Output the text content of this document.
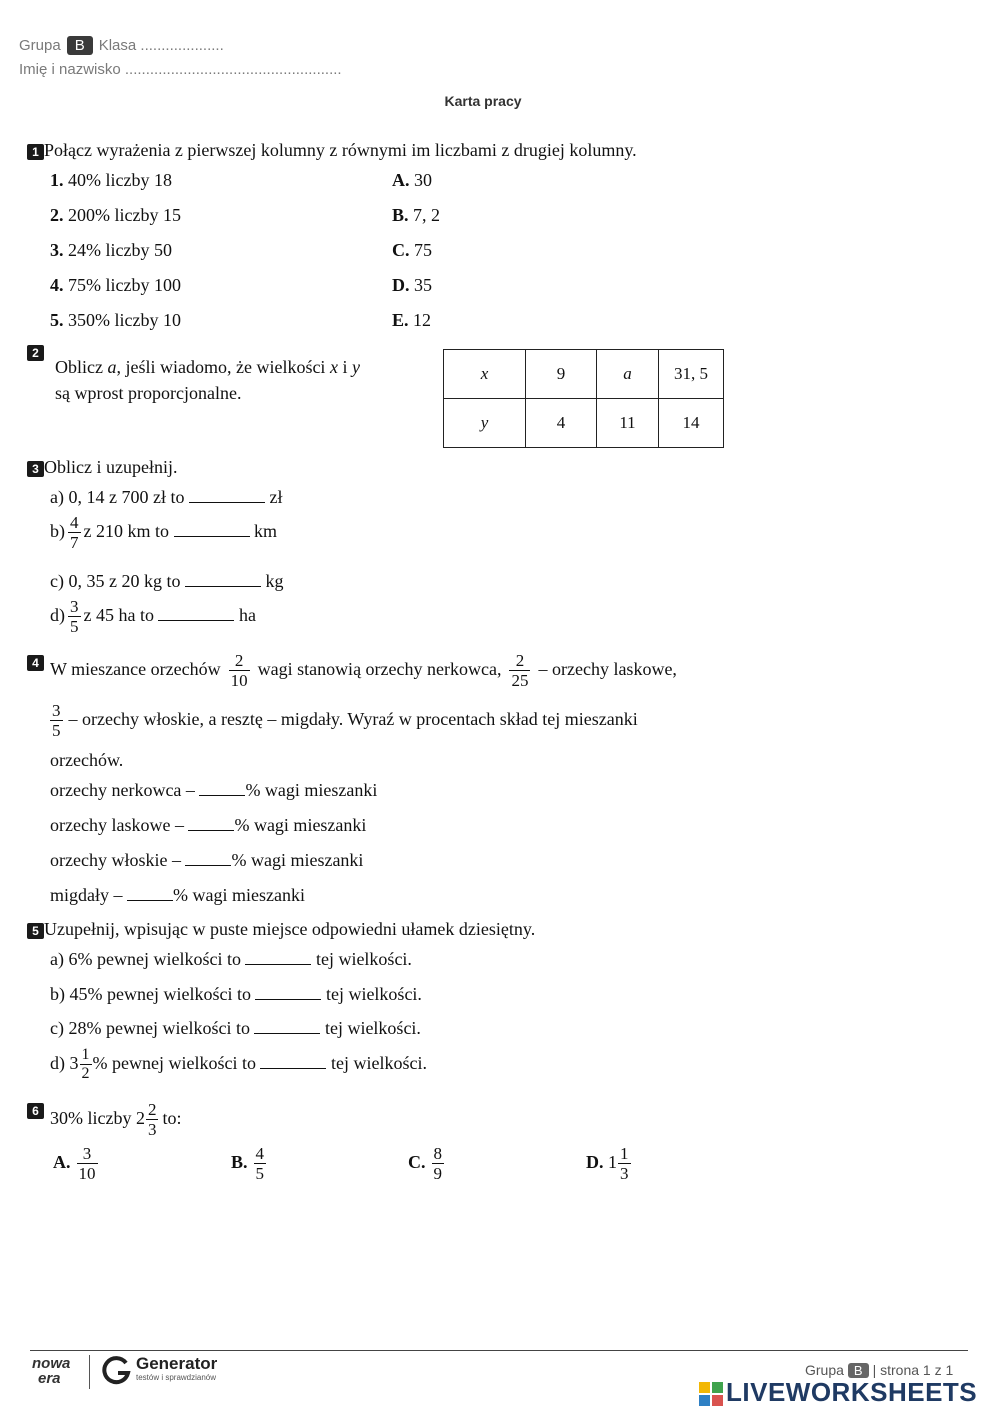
Grupa B Klasa ....................
Imię i nazwisko ....................................................
Karta pracy
1 Połącz wyrażenia z pierwszej kolumny z równymi im liczbami z drugiej kolumny.
1. 40% liczby 18
2. 200% liczby 15
3. 24% liczby 50
4. 75% liczby 100
5. 350% liczby 10
A. 30
B. 7, 2
C. 75
D. 35
E. 12
2
Oblicz a, jeśli wiadomo, że wielkości x i y
są wprost proporcjonalne.
x	9	a	31, 5
y	4	11	14
3 Oblicz i uzupełnij.
a) 0, 14 z 700 zł to	zł
$b) \frac{4}{7}$ z 210 km to	km
c) 0, 35 z 20 kg to	kg
$d) \frac{3}{5}$ z 45 ha to	ha
4 W mieszance orzechów $\frac{2}{10}$ wagi stanowią orzechy nerkowca, $\frac{2}{25}$ – orzechy laskowe,
$\frac{3}{5}$ – orzechy włoskie, a resztę – migdały. Wyraź w procentach skład tej mieszanki
orzechów.
orzechy nerkowca –	% wagi mieszanki
orzechy laskowe –	% wagi mieszanki
orzechy włoskie –	% wagi mieszanki
migdały –	% wagi mieszanki
5 Uzupełnij, wpisując w puste miejsce odpowiedni ułamek dziesiętny.
a) 6% pewnej wielkości to	tej wielkości.
b) 45% pewnej wielkości to	tej wielkości.
c) 28% pewnej wielkości to	tej wielkości.
d) $3 \frac{1}{2}$ % pewnej wielkości to	tej wielkości.
6 30% liczby $2 \frac{2}{3}$ to:
A. $\frac{3}{10}$	B. $\frac{4}{5}$	C. $\frac{8}{9}$	D. $1 \frac{1}{3}$
nowa
era
Generator
testów i sprawdzianów	Grupa B | strona 1 z 1
LIVEWORKSHEETS
